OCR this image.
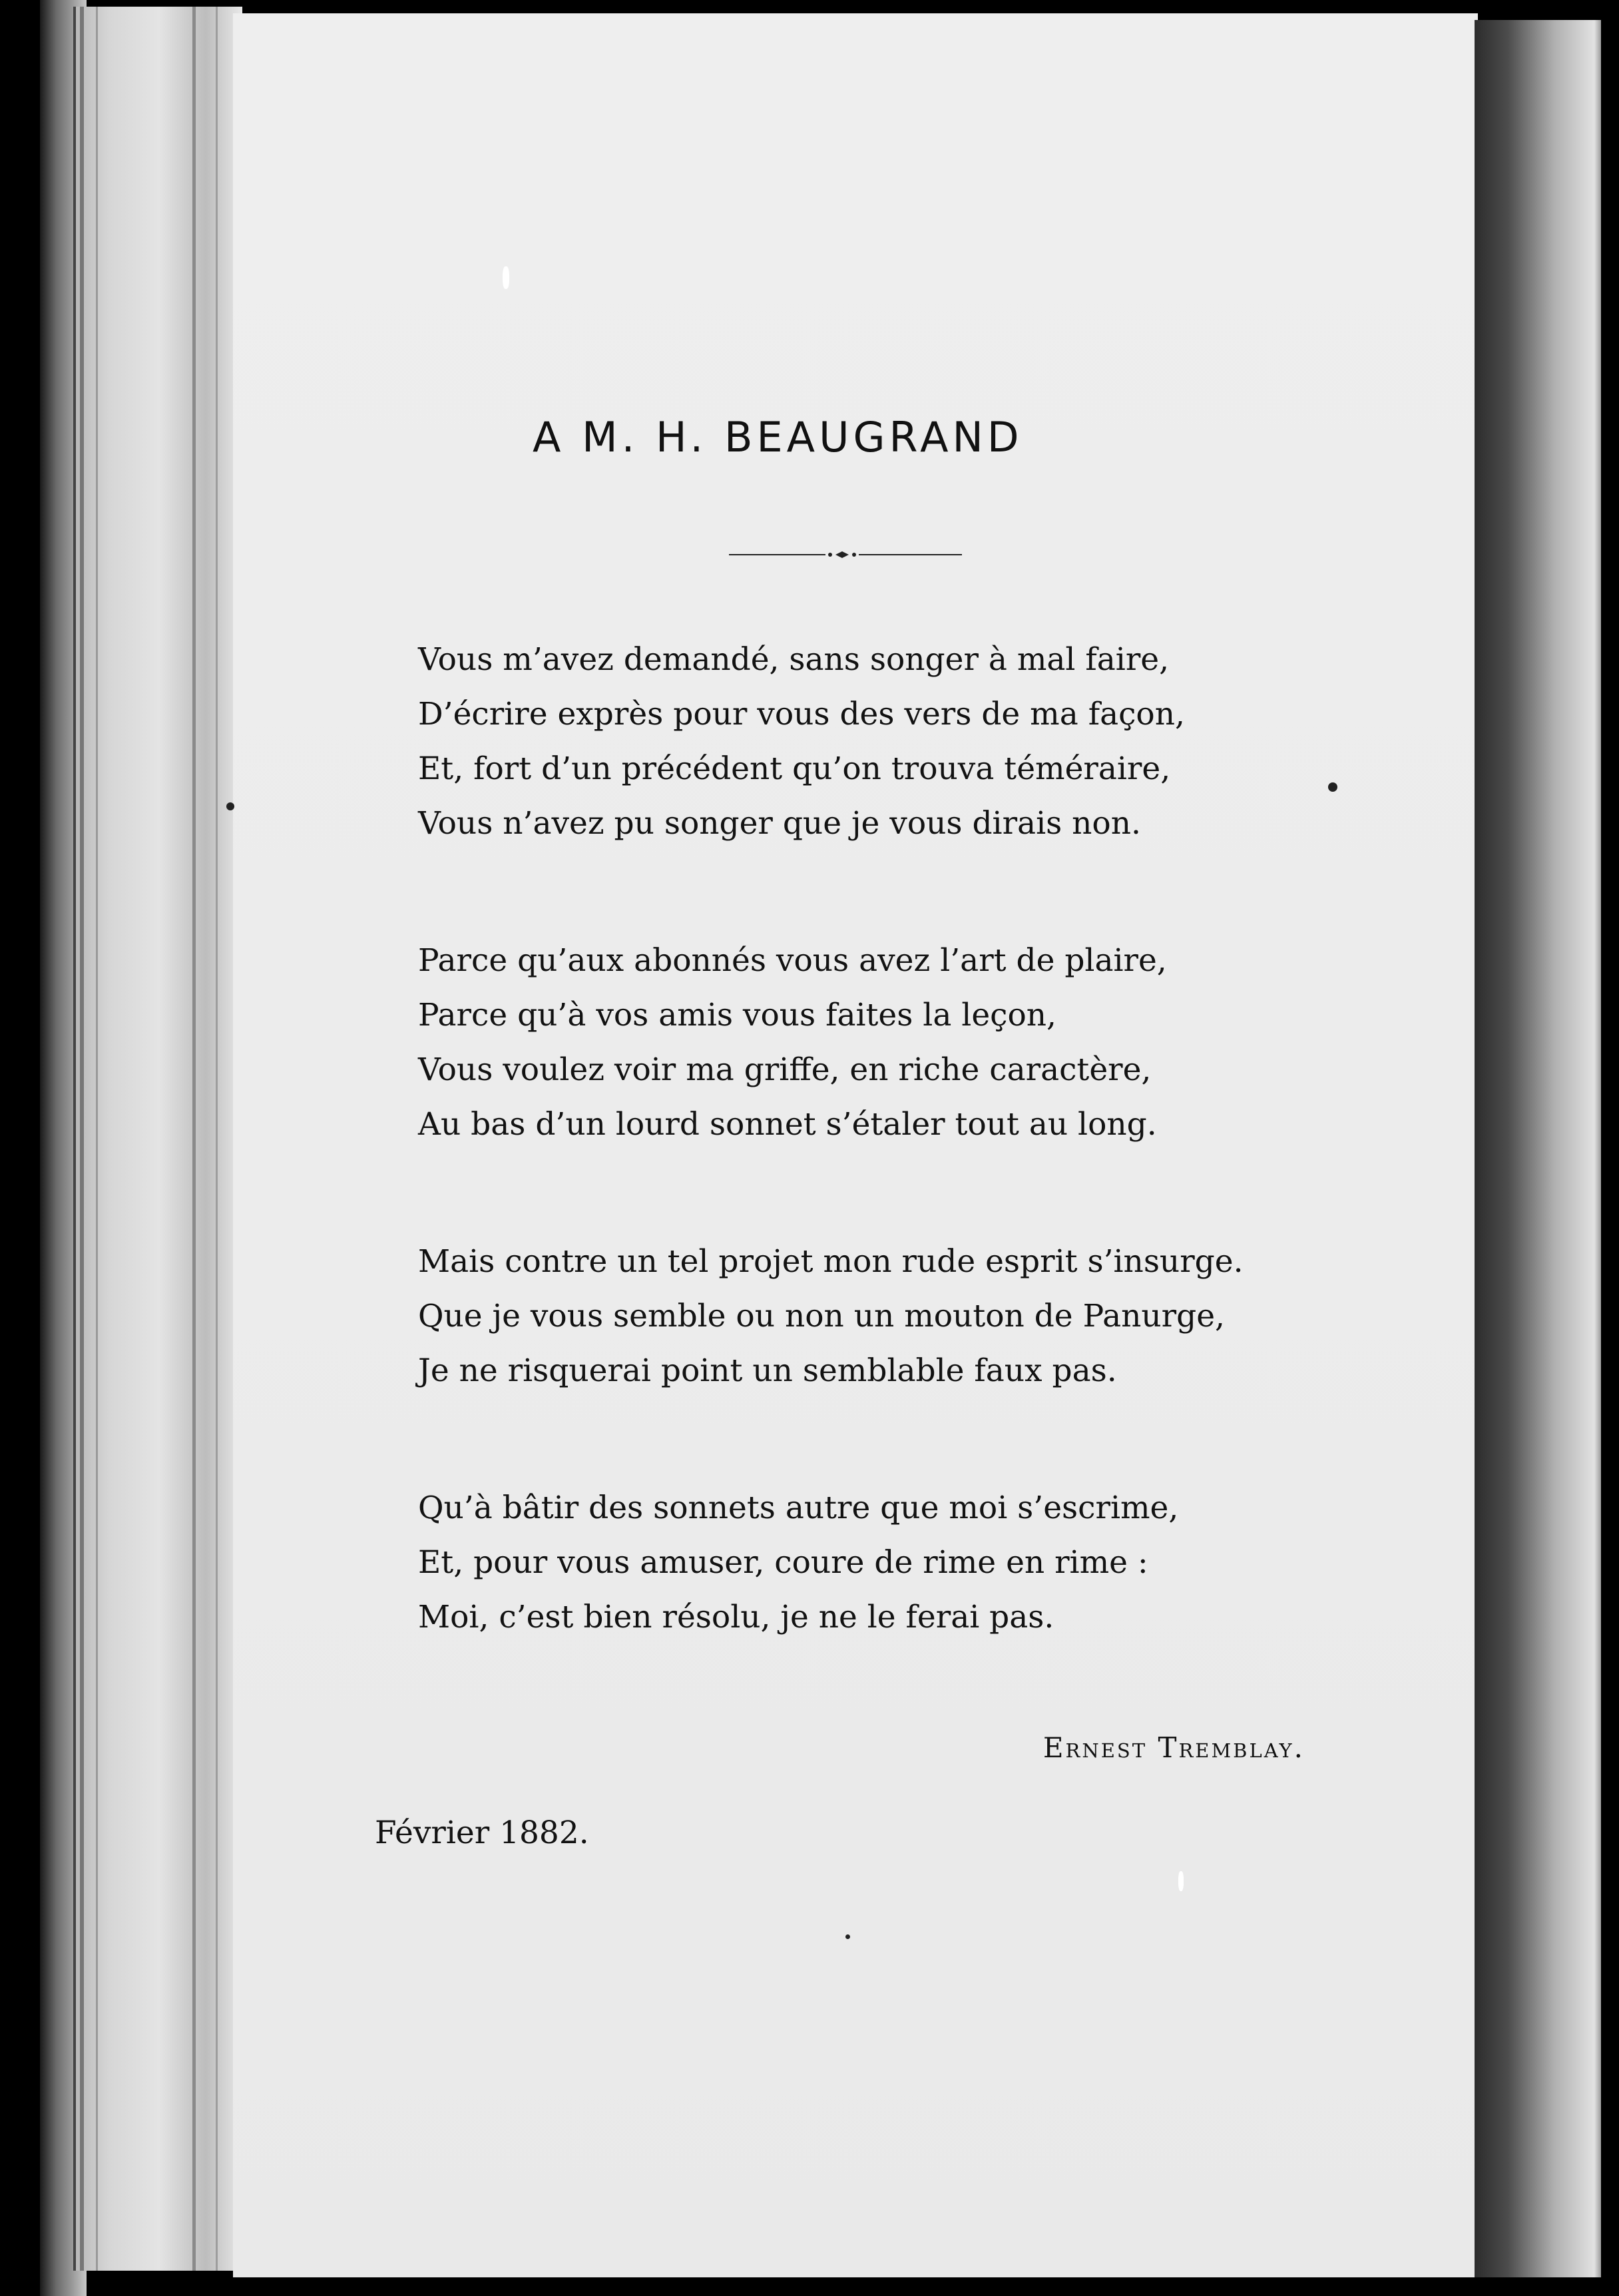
A M. H. BEAUGRAND
Vous m’avez demandé, sans songer à mal faire,
D’écrire exprès pour vous des vers de ma façon,
Et, fort d’un précédent qu’on trouva téméraire,
Vous n’avez pu songer que je vous dirais non.
Parce qu’aux abonnés vous avez l’art de plaire,
Parce qu’à vos amis vous faites la leçon,
Vous voulez voir ma griffe, en riche caractère,
Au bas d’un lourd sonnet s’étaler tout au long.
Mais contre un tel projet mon rude esprit s’insurge.
Que je vous semble ou non un mouton de Panurge,
Je ne risquerai point un semblable faux pas.
Qu’à bâtir des sonnets autre que moi s’escrime,
Et, pour vous amuser, coure de rime en rime :
Moi, c’est bien résolu, je ne le ferai pas.
Ernest Tremblay.
Février 1882.
